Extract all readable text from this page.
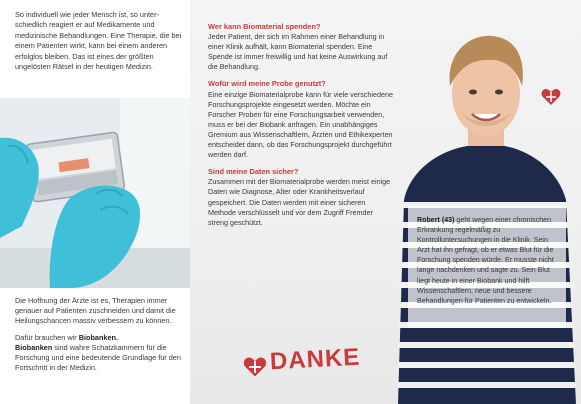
So individuell wie jeder Mensch ist, so unterschiedlich reagiert er auf Medikamente und medizinische Behandlungen. Eine Therapie, die bei einem Patienten wirkt, kann bei einem anderen erfolglos bleiben. Das ist eines der größten ungelösten Rätsel in der heutigen Medizin.

Die Hoffnung der Ärzte ist es, Therapien immer genauer auf Patienten zuschneiden und damit die Heilungschancen massiv verbessern zu können.

Dafür brauchen wir Biobanken.
Biobanken sind wahre Schatzkammern für die Forschung und eine bedeutende Grundlage für den Fortschritt in der Medizin.

Wer kann Biomaterial spenden?
Jeder Patient, der sich im Rahmen einer Behandlung in einer Klinik aufhält, kann Biomaterial spenden. Eine Spende ist immer freiwillig und hat keine Auswirkung auf die Behandlung.
Wofür wird meine Probe genutzt?
Eine einzige Biomaterialprobe kann für viele verschiedene Forschungsprojekte eingesetzt werden. Möchte ein Forscher Proben für eine Forschungsarbeit verwenden, muss er bei der Biobank anfragen. Ein unabhängiges Gremium aus Wissenschaftlern, Ärzten und Ethikexperten entscheidet dann, ob das Forschungsprojekt durchgeführt werden darf.
Sind meine Daten sicher?
Zusammen mit der Biomaterialprobe werden meist einige Daten wie Diagnose, Alter oder Krankheitsverlauf gespeichert. Die Daten werden mit einer sicheren Methode verschlüsselt und vor dem Zugriff Fremder streng geschützt.	Robert (43) geht wegen einer chronischen Erkrankung regelmäßig zu Kontrolluntersuchungen in die Klinik. Sein Arzt hat ihn gefragt, ob er etwas Blut für die Forschung spenden würde. Er musste nicht lange nachdenken und sagte zu. Sein Blut liegt heute in einer Biobank und hilft Wissenschaftlern, neue und bessere Behandlungen für Patienten zu entwickeln.
DANKE
